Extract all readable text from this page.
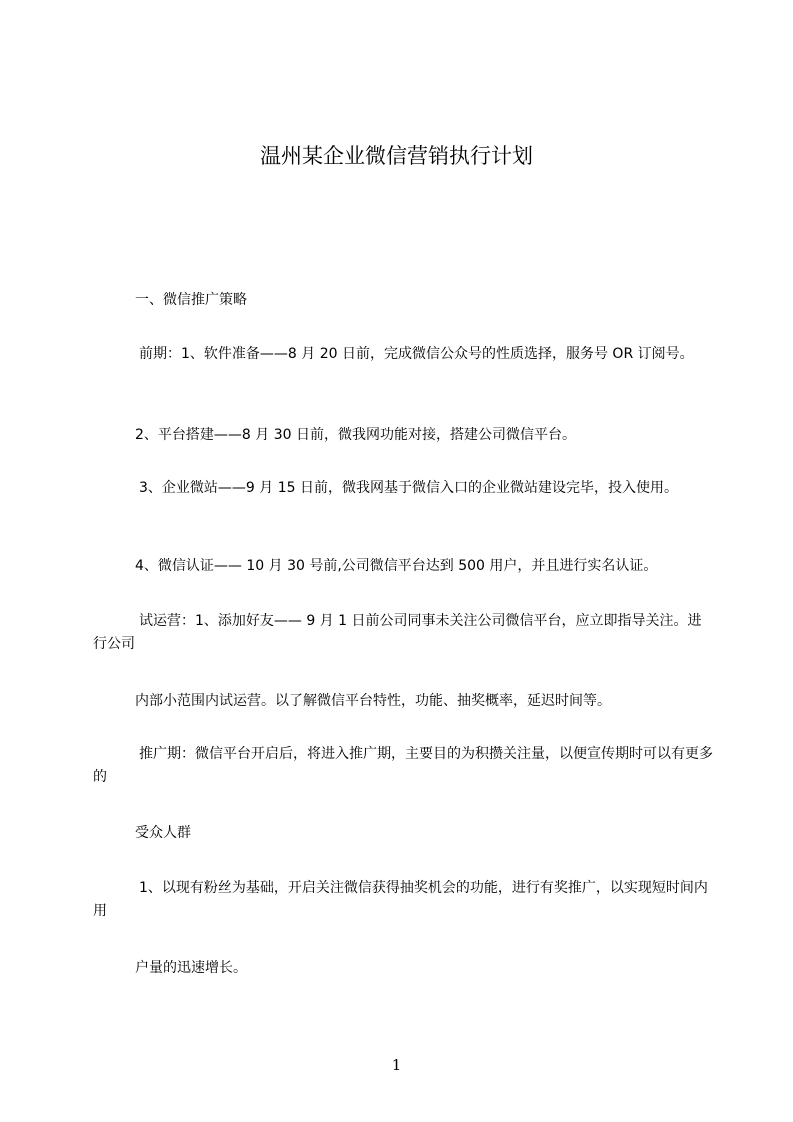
温州某企业微信营销执行计划

一、微信推广策略

前期：1、软件准备——8 月 20 日前，完成微信公众号的性质选择，服务号 OR 订阅号。

2、平台搭建——8 月 30 日前，微我网功能对接，搭建公司微信平台。

3、企业微站——9 月 15 日前，微我网基于微信入口的企业微站建设完毕，投入使用。

4、微信认证—— 10 月 30 号前,公司微信平台达到 500 用户，并且进行实名认证。

试运营：1、添加好友—— 9 月 1 日前公司同事未关注公司微信平台，应立即指导关注。进行公司

内部小范围内试运营。以了解微信平台特性，功能、抽奖概率，延迟时间等。

推广期：微信平台开启后，将进入推广期，主要目的为积攒关注量，以便宣传期时可以有更多的

受众人群

1、以现有粉丝为基础，开启关注微信获得抽奖机会的功能，进行有奖推广，以实现短时间内用

户量的迅速增长。

1
